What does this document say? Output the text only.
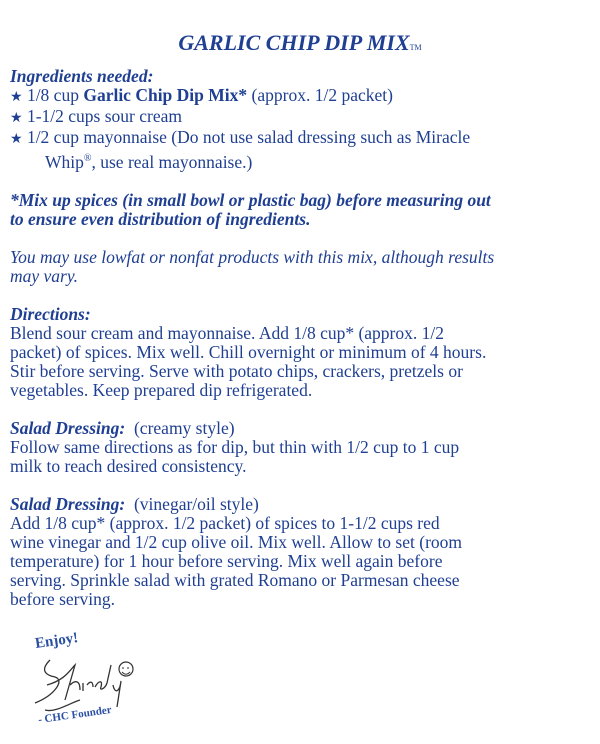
GARLIC CHIP DIP MIXTM
Ingredients needed:
★ 1/8 cup Garlic Chip Dip Mix* (approx. 1/2 packet)
★ 1-1/2 cups sour cream
★ 1/2 cup mayonnaise (Do not use salad dressing such as Miracle
Whip®, use real mayonnaise.)
*Mix up spices (in small bowl or plastic bag) before measuring out
to ensure even distribution of ingredients.
You may use lowfat or nonfat products with this mix, although results
may vary.
Directions:
Blend sour cream and mayonnaise. Add 1/8 cup* (approx. 1/2
packet) of spices. Mix well. Chill overnight or minimum of 4 hours.
Stir before serving. Serve with potato chips, crackers, pretzels or
vegetables. Keep prepared dip refrigerated.
Salad Dressing: (creamy style)
Follow same directions as for dip, but thin with 1/2 cup to 1 cup
milk to reach desired consistency.
Salad Dressing: (vinegar/oil style)
Add 1/8 cup* (approx. 1/2 packet) of spices to 1-1/2 cups red
wine vinegar and 1/2 cup olive oil. Mix well. Allow to set (room
temperature) for 1 hour before serving. Mix well again before
serving. Sprinkle salad with grated Romano or Parmesan cheese
before serving.
Enjoy!
- CHC Founder
